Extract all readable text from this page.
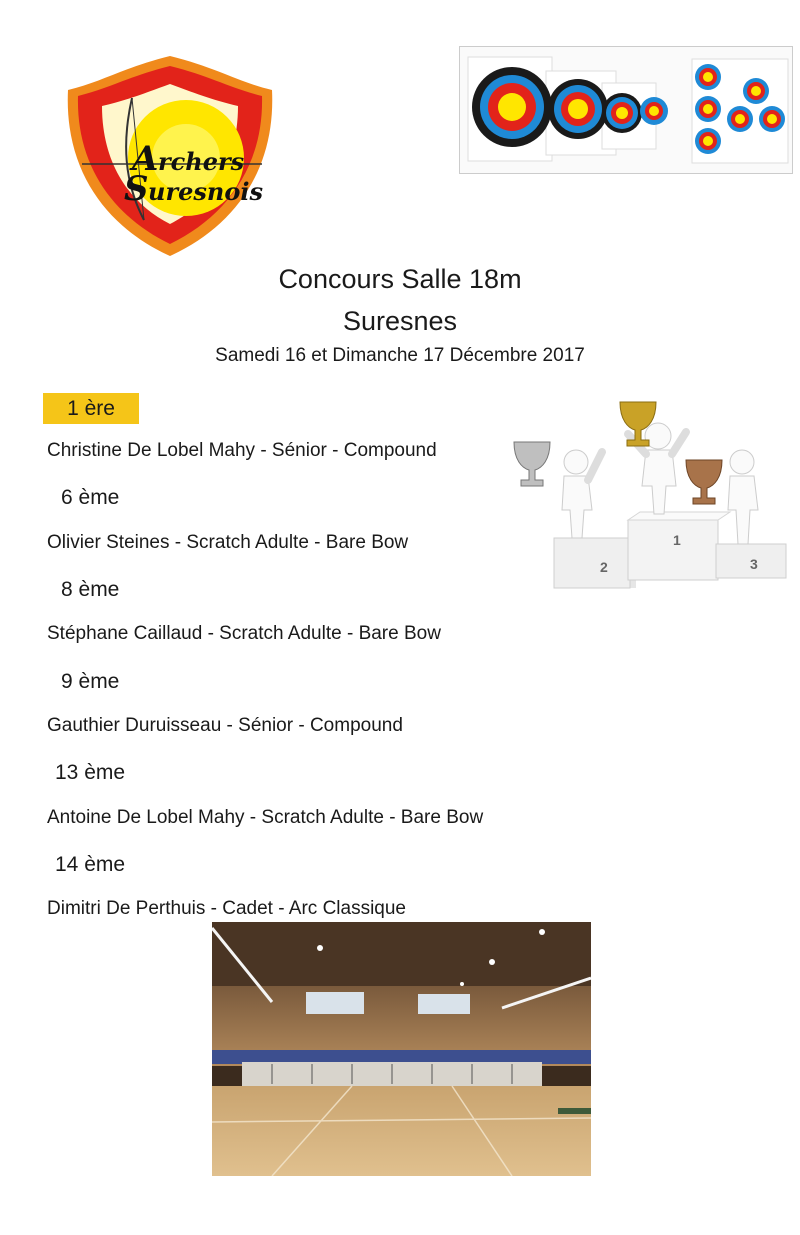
A rchers
S uresnois
Concours Salle 18m
Suresnes
Samedi 16 et Dimanche 17 Décembre 2017
1 ère
Christine De Lobel Mahy - Sénior - Compound
6 ème
Olivier Steines - Scratch Adulte - Bare Bow
8 ème
Stéphane Caillaud - Scratch Adulte - Bare Bow
9 ème
Gauthier Duruisseau - Sénior - Compound
13 ème
Antoine De Lobel Mahy - Scratch Adulte - Bare Bow
14 ème
Dimitri De Perthuis - Cadet - Arc Classique
2
1
3
